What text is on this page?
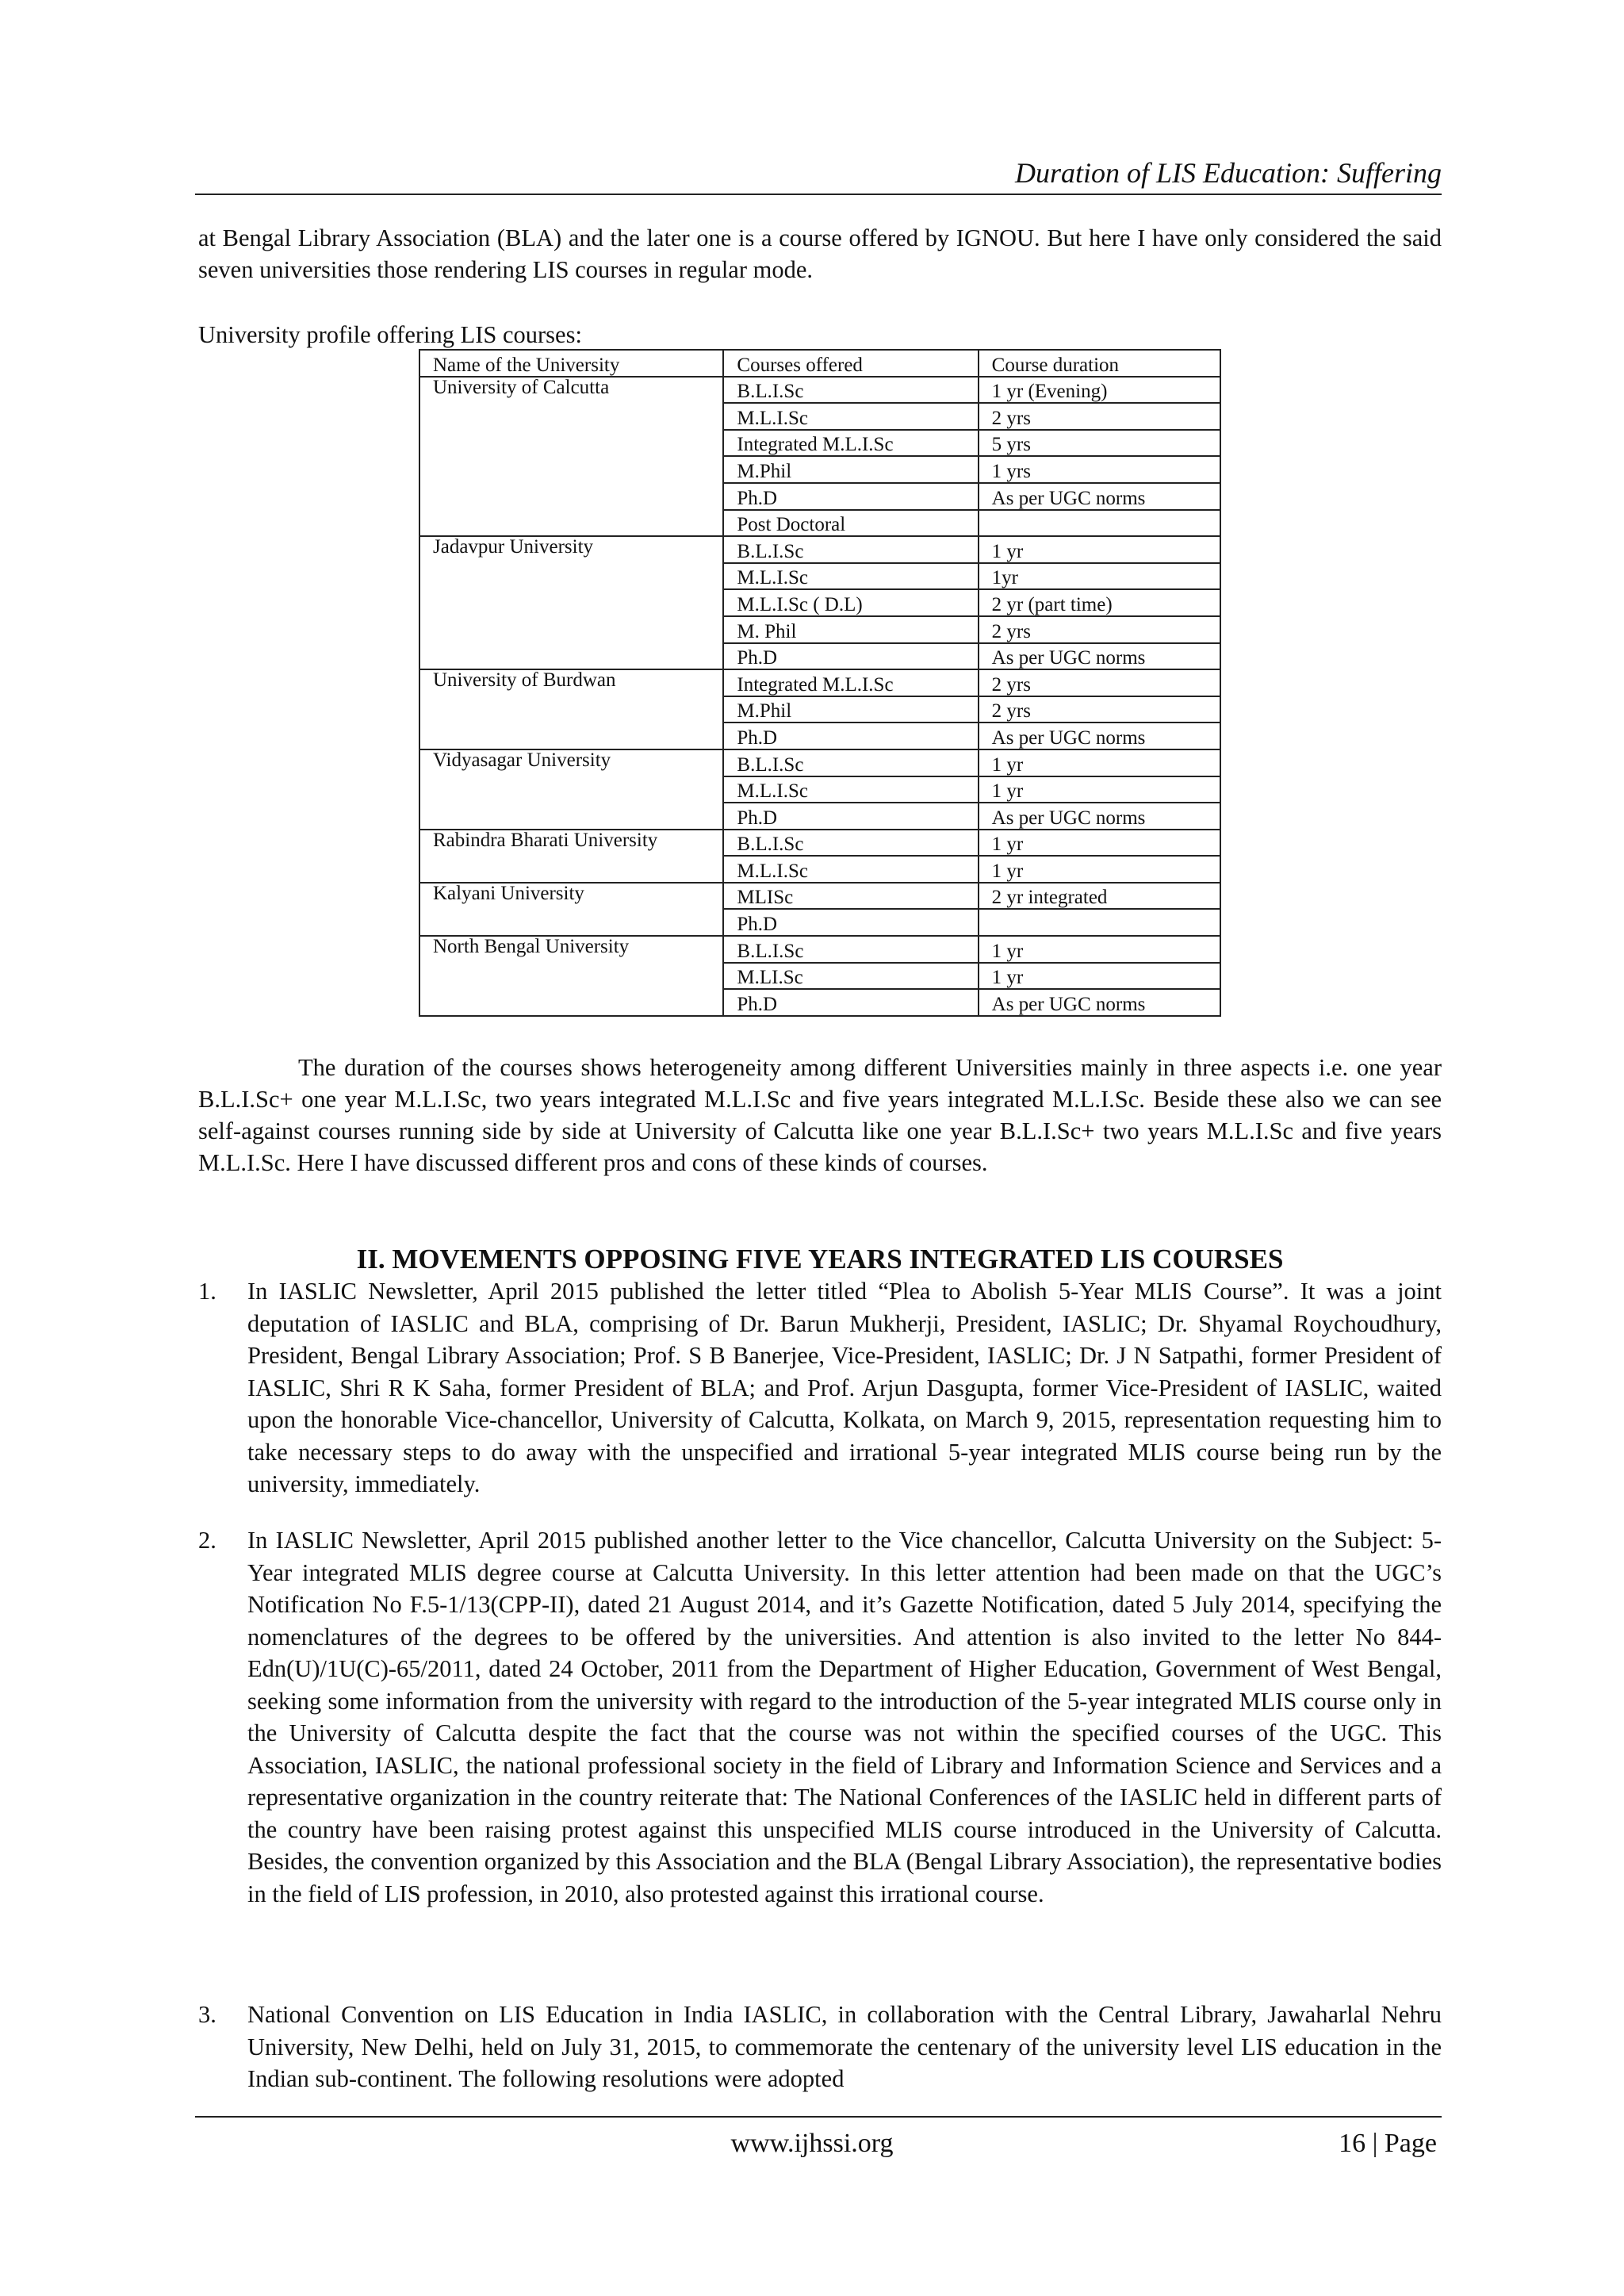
Duration of LIS Education: Suffering

at Bengal Library Association (BLA) and the later one is a course offered by IGNOU. But here I have only considered the said seven universities those rendering LIS courses in regular mode.

University profile offering LIS courses:
Name of the University	Courses offered	Course duration
University of Calcutta	B.L.I.Sc	1 yr (Evening)
	M.L.I.Sc	2 yrs
	Integrated M.L.I.Sc	5 yrs
	M.Phil	1 yrs
	Ph.D	As per UGC norms
	Post Doctoral	
Jadavpur University	B.L.I.Sc	1 yr
	M.L.I.Sc	1yr
	M.L.I.Sc ( D.L)	2 yr (part time)
	M. Phil	2 yrs
	Ph.D	As per UGC norms
University of Burdwan	Integrated M.L.I.Sc	2 yrs
	M.Phil	2 yrs
	Ph.D	As per UGC norms
Vidyasagar University	B.L.I.Sc	1 yr
	M.L.I.Sc	1 yr
	Ph.D	As per UGC norms
Rabindra Bharati University	B.L.I.Sc	1 yr
	M.L.I.Sc	1 yr
Kalyani University	MLISc	2 yr integrated
	Ph.D	
North Bengal University	B.L.I.Sc	1 yr
	M.LI.Sc	1 yr
	Ph.D	As per UGC norms

The duration of the courses shows heterogeneity among different Universities mainly in three aspects i.e. one year B.L.I.Sc+ one year M.L.I.Sc, two years integrated M.L.I.Sc and five years integrated M.L.I.Sc. Beside these also we can see self-against courses running side by side at University of Calcutta like one year B.L.I.Sc+ two years M.L.I.Sc and five years M.L.I.Sc. Here I have discussed different pros and cons of these kinds of courses.

II. MOVEMENTS OPPOSING FIVE YEARS INTEGRATED LIS COURSES
1.	In IASLIC Newsletter, April 2015 published the letter titled “Plea to Abolish 5-Year MLIS Course”. It was a joint deputation of IASLIC and BLA, comprising of Dr. Barun Mukherji, President, IASLIC; Dr. Shyamal Roychoudhury, President, Bengal Library Association; Prof. S B Banerjee, Vice-President, IASLIC; Dr. J N Satpathi, former President of IASLIC, Shri R K Saha, former President of BLA; and Prof. Arjun Dasgupta, former Vice-President of IASLIC, waited upon the honorable Vice-chancellor, University of Calcutta, Kolkata, on March 9, 2015, representation requesting him to take necessary steps to do away with the unspecified and irrational 5-year integrated MLIS course being run by the university, immediately.
2.	In IASLIC Newsletter, April 2015 published another letter to the Vice chancellor, Calcutta University on the Subject: 5-Year integrated MLIS degree course at Calcutta University. In this letter attention had been made on that the UGC’s Notification No F.5-1/13(CPP-II), dated 21 August 2014, and it’s Gazette Notification, dated 5 July 2014, specifying the nomenclatures of the degrees to be offered by the universities. And attention is also invited to the letter No 844-Edn(U)/1U(C)-65/2011, dated 24 October, 2011 from the Department of Higher Education, Government of West Bengal, seeking some information from the university with regard to the introduction of the 5-year integrated MLIS course only in the University of Calcutta despite the fact that the course was not within the specified courses of the UGC. This Association, IASLIC, the national professional society in the field of Library and Information Science and Services and a representative organization in the country reiterate that: The National Conferences of the IASLIC held in different parts of the country have been raising protest against this unspecified MLIS course introduced in the University of Calcutta. Besides, the convention organized by this Association and the BLA (Bengal Library Association), the representative bodies in the field of LIS profession, in 2010, also protested against this irrational course.
3.	National Convention on LIS Education in India IASLIC, in collaboration with the Central Library, Jawaharlal Nehru University, New Delhi, held on July 31, 2015, to commemorate the centenary of the university level LIS education in the Indian sub-continent. The following resolutions were adopted
www.ijhssi.org	16 | Page
